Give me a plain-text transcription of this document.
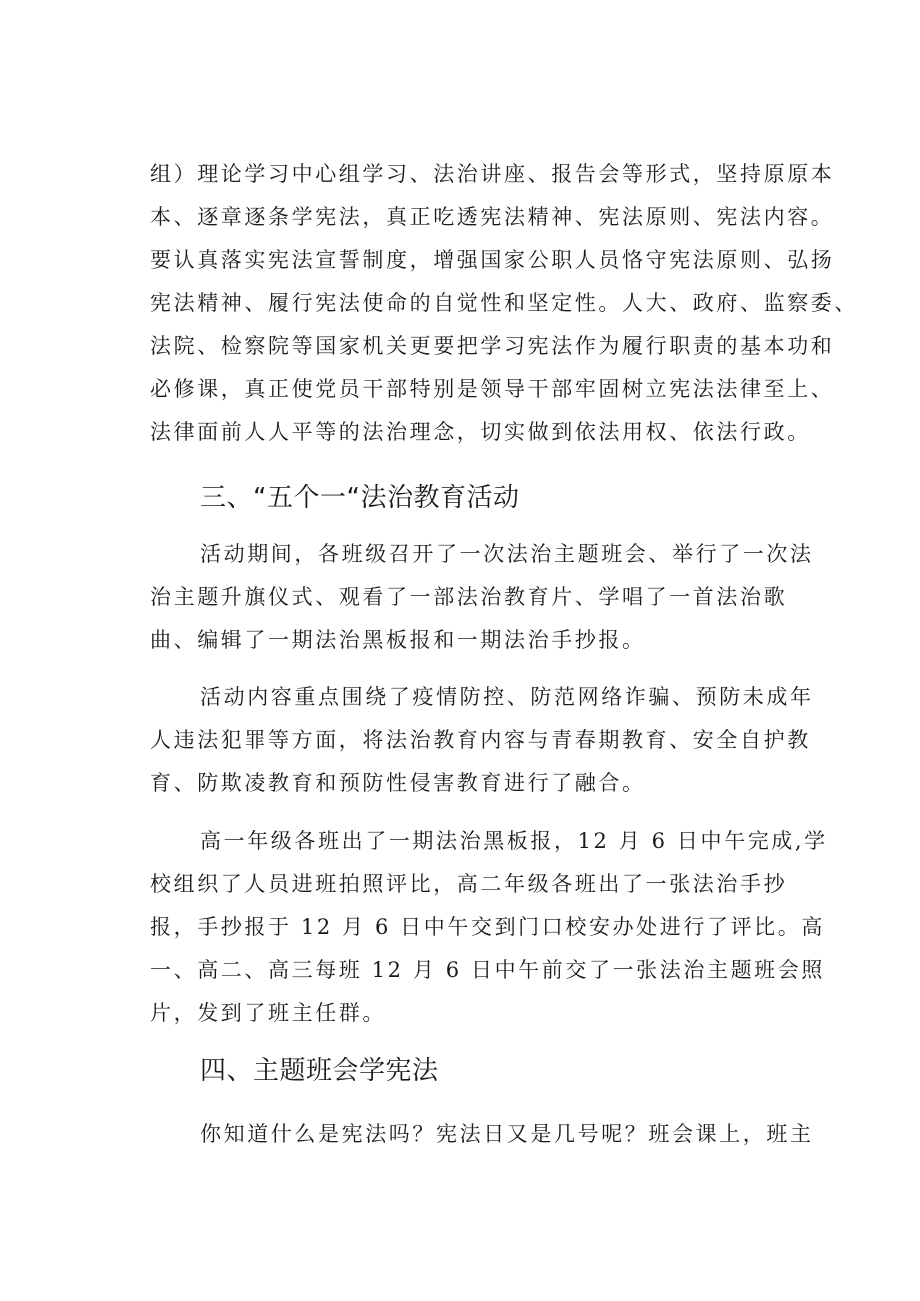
组）理论学习中心组学习、法治讲座、报告会等形式，坚持原原本
本、逐章逐条学宪法，真正吃透宪法精神、宪法原则、宪法内容。
要认真落实宪法宣誓制度，增强国家公职人员恪守宪法原则、弘扬
宪法精神、履行宪法使命的自觉性和坚定性。人大、政府、监察委、
法院、检察院等国家机关更要把学习宪法作为履行职责的基本功和
必修课，真正使党员干部特别是领导干部牢固树立宪法法律至上、
法律面前人人平等的法治理念，切实做到依法用权、依法行政。
三、“五个一“法治教育活动
活动期间，各班级召开了一次法治主题班会、举行了一次法
治主题升旗仪式、观看了一部法治教育片、学唱了一首法治歌
曲、编辑了一期法治黑板报和一期法治手抄报。
活动内容重点围绕了疫情防控、防范网络诈骗、预防未成年
人违法犯罪等方面，将法治教育内容与青春期教育、安全自护教
育、防欺凌教育和预防性侵害教育进行了融合。
高一年级各班出了一期法治黑板报，12 月 6 日中午完成,学
校组织了人员进班拍照评比，高二年级各班出了一张法治手抄
报，手抄报于 12 月 6 日中午交到门口校安办处进行了评比。高
一、高二、高三每班 12 月 6 日中午前交了一张法治主题班会照
片，发到了班主任群。
四、主题班会学宪法
你知道什么是宪法吗？宪法日又是几号呢？班会课上，班主
